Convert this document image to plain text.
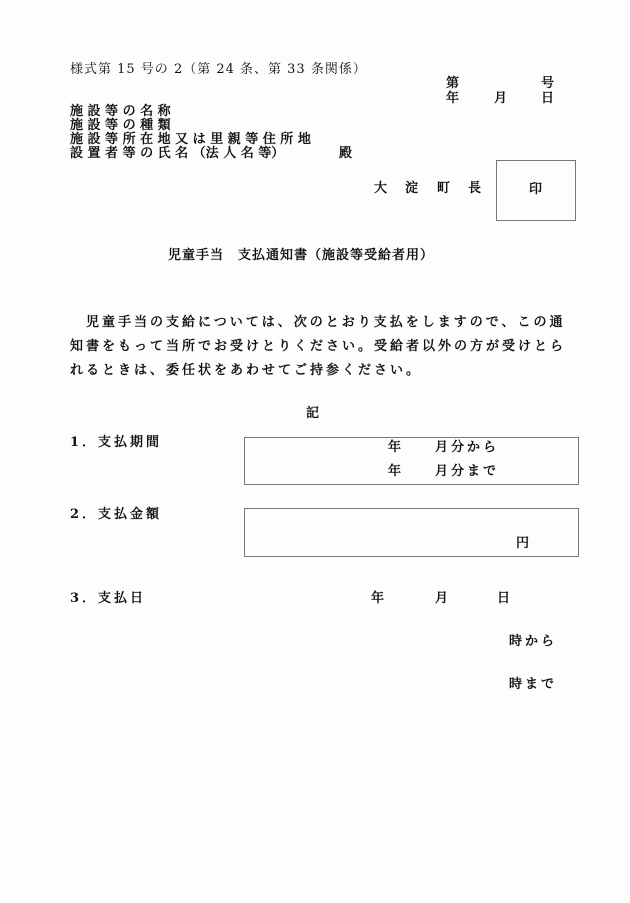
様式第 15 号の 2（第 24 条、第 33 条関係）
第	号
年	月	日
施 設 等 の 名 称
施 設 等 の 種 類
施 設 等 所 在 地 又 は 里 親 等 住 所 地
設 置 者 等 の 氏 名 （法 人 名 等）	殿
大 淀 町 長	印
児童手当　支払通知書（施設等受給者用）
児童手当の支給については、次のとおり支払をしますので、この通
知書をもって当所でお受けとりください。受給者以外の方が受けとら
れるときは、委任状をあわせてご持参ください。
記
1．支払期間	年	月分から
年	月分まで
2．支払金額
円
3．支払日	年	月	日
時から
時まで
